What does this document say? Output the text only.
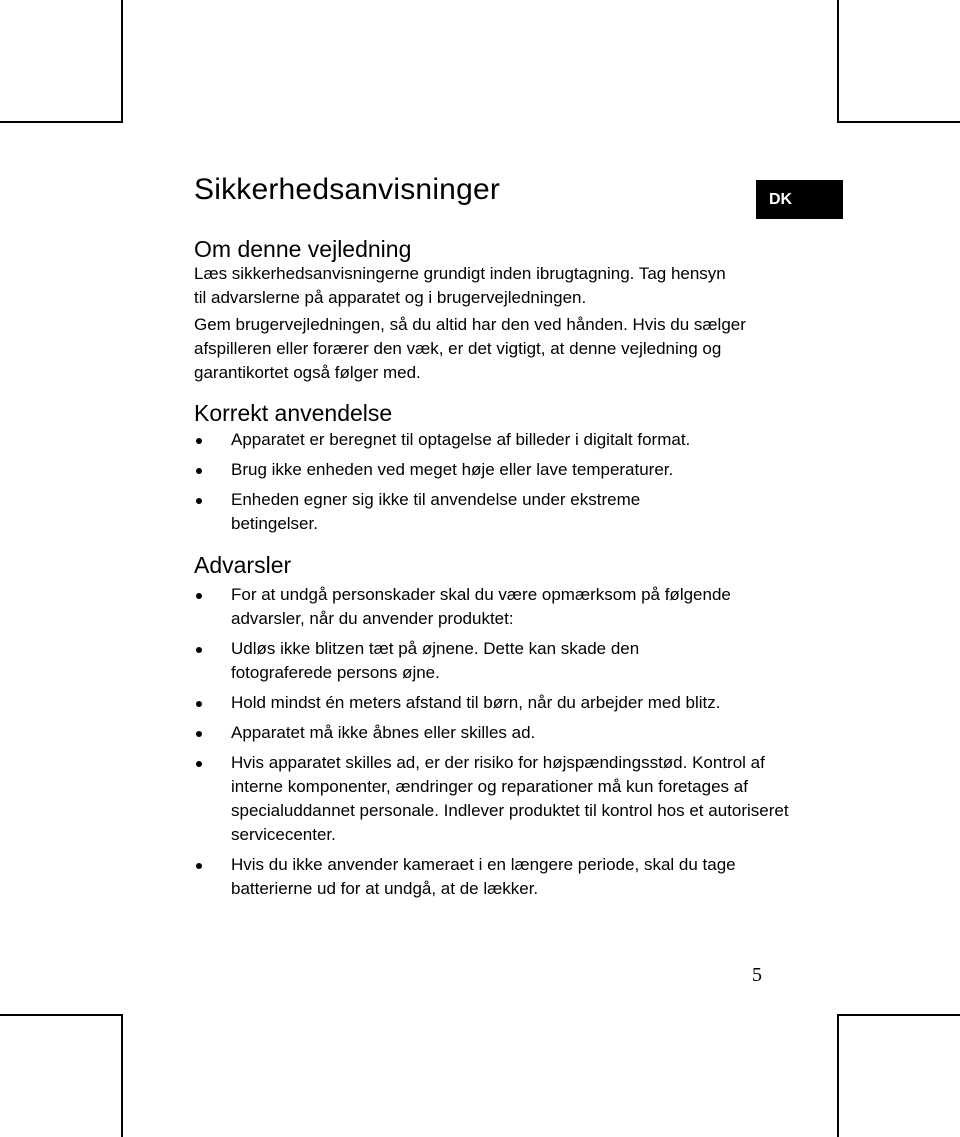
DK
Sikkerhedsanvisninger
Om denne vejledning

Læs sikkerhedsanvisningerne grundigt inden ibrugtagning. Tag hensyn til advarslerne på apparatet og i brugervejledningen.

Gem brugervejledningen, så du altid har den ved hånden. Hvis du sælger afspilleren eller forærer den væk, er det vigtigt, at denne vejledning og garantikortet også følger med.

Korrekt anvendelse
Apparatet er beregnet til optagelse af billeder i digitalt format.
Brug ikke enheden ved meget høje eller lave temperaturer.
Enheden egner sig ikke til anvendelse under ekstreme betingelser.
Advarsler
For at undgå personskader skal du være opmærksom på følgende advarsler, når du anvender produktet:
Udløs ikke blitzen tæt på øjnene. Dette kan skade den fotograferede persons øjne.
Hold mindst én meters afstand til børn, når du arbejder med blitz.
Apparatet må ikke åbnes eller skilles ad.
Hvis apparatet skilles ad, er der risiko for højspændingsstød. Kontrol af interne komponenter, ændringer og reparationer må kun foretages af specialuddannet personale. Indlever produktet til kontrol hos et autoriseret servicecenter.
Hvis du ikke anvender kameraet i en længere periode, skal du tage batterierne ud for at undgå, at de lækker.
5
